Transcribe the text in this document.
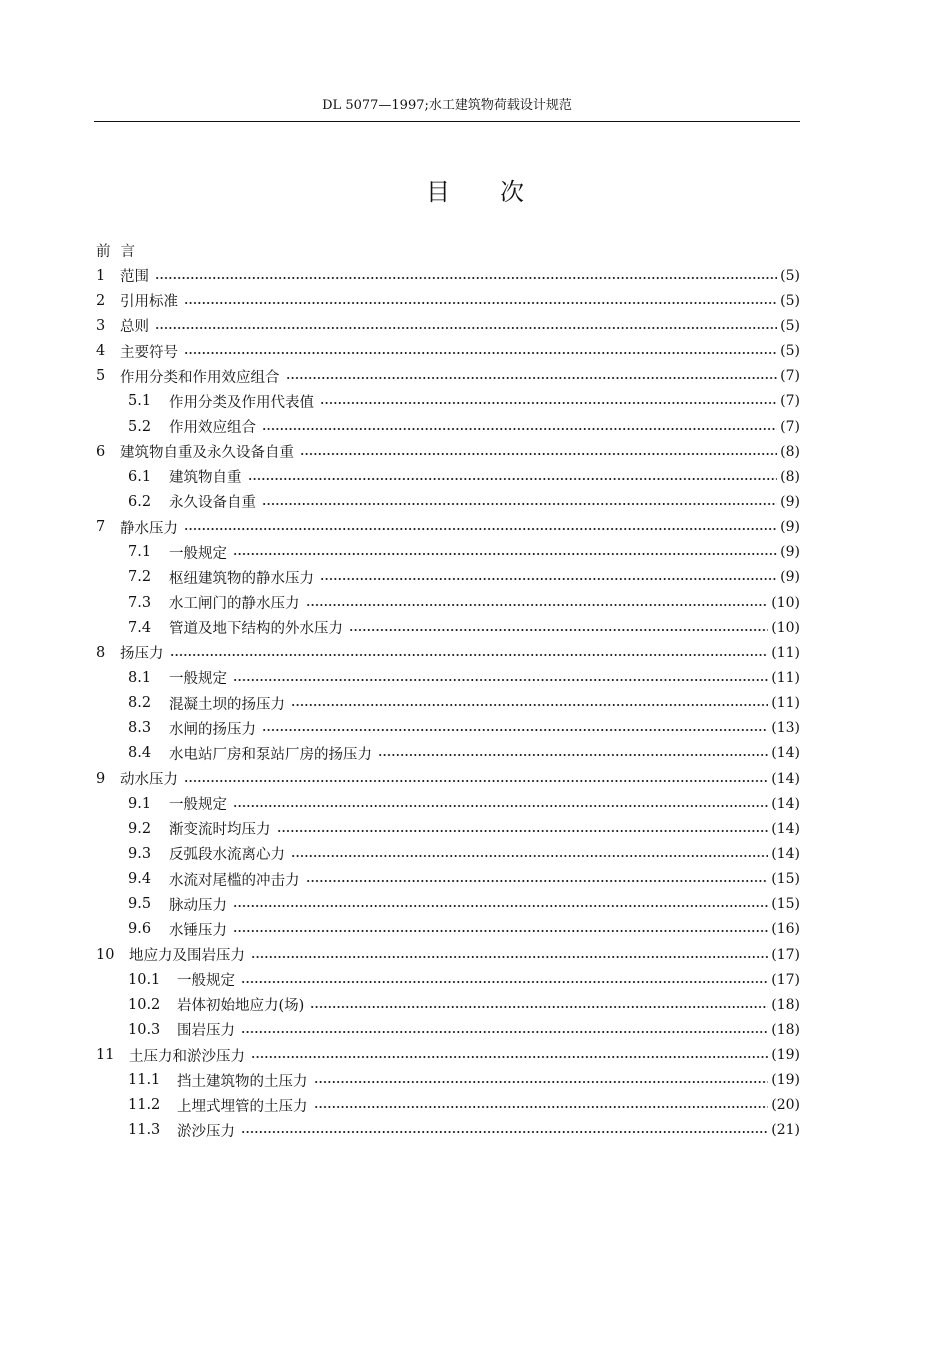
DL 5077—1997;水工建筑物荷载设计规范
目 次
前言
1	范围	(5)
2	引用标准	(5)
3	总则	(5)
4	主要符号	(5)
5	作用分类和作用效应组合	(7)
5.1	作用分类及作用代表值	(7)
5.2	作用效应组合	(7)
6	建筑物自重及永久设备自重	(8)
6.1	建筑物自重	(8)
6.2	永久设备自重	(9)
7	静水压力	(9)
7.1	一般规定	(9)
7.2	枢纽建筑物的静水压力	(9)
7.3	水工闸门的静水压力	(10)
7.4	管道及地下结构的外水压力	(10)
8	扬压力	(11)
8.1	一般规定	(11)
8.2	混凝土坝的扬压力	(11)
8.3	水闸的扬压力	(13)
8.4	水电站厂房和泵站厂房的扬压力	(14)
9	动水压力	(14)
9.1	一般规定	(14)
9.2	渐变流时均压力	(14)
9.3	反弧段水流离心力	(14)
9.4	水流对尾槛的冲击力	(15)
9.5	脉动压力	(15)
9.6	水锤压力	(16)
10	地应力及围岩压力	(17)
10.1	一般规定	(17)
10.2	岩体初始地应力(场)	(18)
10.3	围岩压力	(18)
11	土压力和淤沙压力	(19)
11.1	挡土建筑物的土压力	(19)
11.2	上埋式埋管的土压力	(20)
11.3	淤沙压力	(21)
